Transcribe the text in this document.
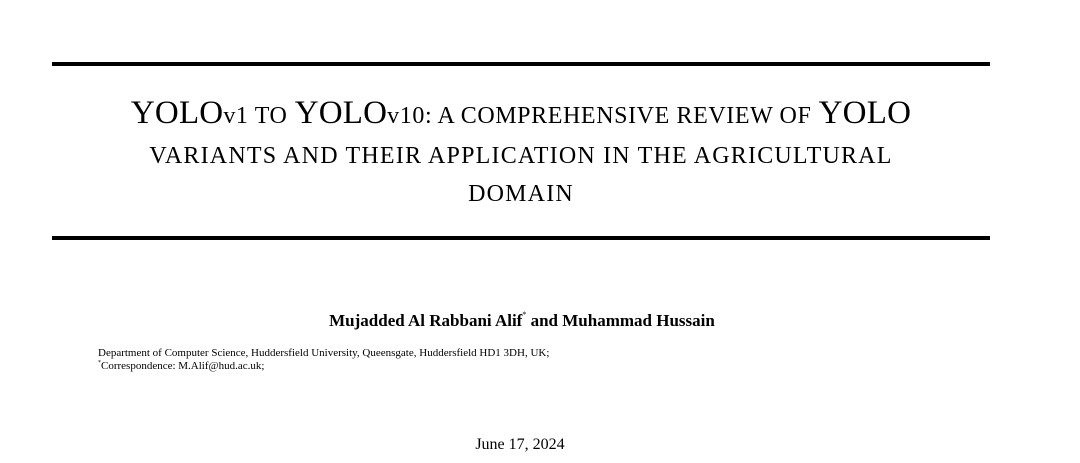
YOLOv1 TO YOLOv10: A COMPREHENSIVE REVIEW OF YOLO
VARIANTS AND THEIR APPLICATION IN THE AGRICULTURAL
DOMAIN
Mujadded Al Rabbani Alif* and Muhammad Hussain
Department of Computer Science, Huddersfield University, Queensgate, Huddersfield HD1 3DH, UK;
*Correspondence: M.Alif@hud.ac.uk;
June 17, 2024
